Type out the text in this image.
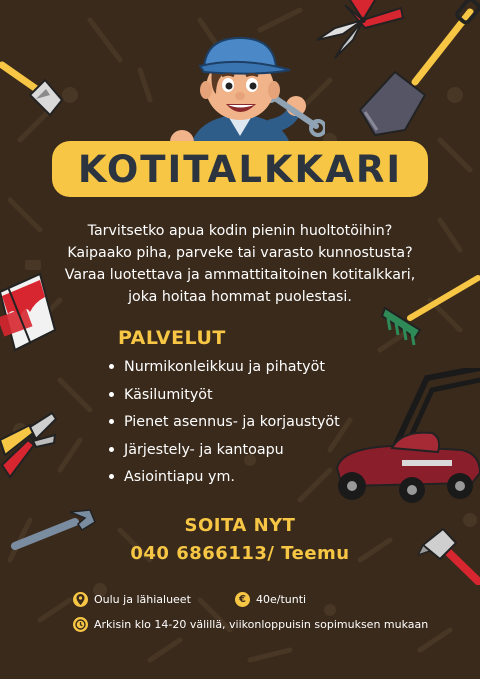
KOTITALKKARI
Tarvitsetko apua kodin pienin huoltotöihin?
Kaipaako piha, parveke tai varasto kunnostusta?
Varaa luotettava ja ammattitaitoinen kotitalkkari,
joka hoitaa hommat puolestasi.
PALVELUT
Nurmikonleikkuu ja pihatyöt
Käsilumityöt
Pienet asennus- ja korjaustyöt
Järjestely- ja kantoapu
Asiointiapu ym.
SOITA NYT
040 6866113/ Teemu
Oulu ja lähialueet	€ 40e/tunti
Arkisin klo 14-20 välillä, viikonloppuisin sopimuksen mukaan
